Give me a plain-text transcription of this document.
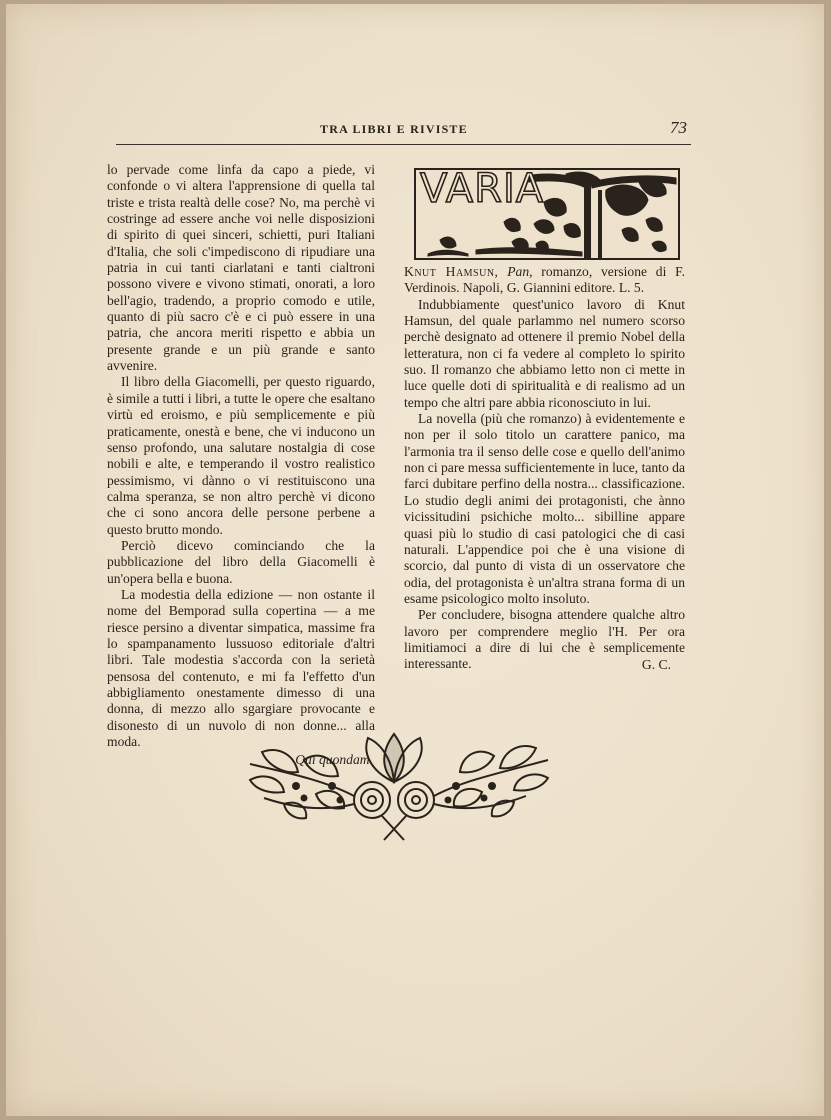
TRA LIBRI E RIVISTE	73

lo pervade come linfa da capo a piede, vi confonde o vi altera l'apprensione di quella tal triste e trista realtà delle cose? No, ma perchè vi costringe ad essere anche voi nelle disposizioni di spirito di quei sinceri, schietti, puri Italiani d'Italia, che soli c'impediscono di ripudiare una patria in cui tanti ciarlatani e tanti cialtroni possono vivere e vivono stimati, onorati, a loro bell'agio, tradendo, a proprio comodo e utile, quanto di più sacro c'è e ci può essere in una patria, che ancora meriti rispetto e abbia un presente grande e un più grande e santo avvenire.

Il libro della Giacomelli, per questo riguardo, è simile a tutti i libri, a tutte le opere che esaltano virtù ed eroismo, e più semplicemente e più praticamente, onestà e bene, che vi inducono un senso profondo, una salutare nostalgia di cose nobili e alte, e temperando il vostro realistico pessimismo, vi dànno o vi restituiscono una calma speranza, se non altro perchè vi dicono che ci sono ancora delle persone perbene a questo brutto mondo.

Perciò dicevo cominciando che la pubblicazione del libro della Giacomelli è un'opera bella e buona.

La modestia della edizione — non ostante il nome del Bemporad sulla copertina — a me riesce persino a diventar simpatica, massime fra lo spampanamento lussuoso editoriale d'altri libri. Tale modestia s'accorda con la serietà pensosa del contenuto, e mi fa l'effetto d'un abbigliamento onestamente dimesso di una donna, di mezzo allo sgargiare provocante e disonesto di un nuvolo di non donne... alla moda.

Qui quondam.

VARIA

Knut Hamsun, Pan, romanzo, versione di F. Verdinois. Napoli, G. Giannini editore. L. 5.

Indubbiamente quest'unico lavoro di Knut Hamsun, del quale parlammo nel numero scorso perchè designato ad ottenere il premio Nobel della letteratura, non ci fa vedere al completo lo spirito suo. Il romanzo che abbiamo letto non ci mette in luce quelle doti di spiritualità e di realismo ad un tempo che altri pare abbia riconosciuto in lui.

La novella (più che romanzo) à evidentemente e non per il solo titolo un carattere panico, ma l'armonia tra il senso delle cose e quello dell'animo non ci pare messa sufficientemente in luce, tanto da farci dubitare perfino della nostra... classificazione. Lo studio degli animi dei protagonisti, che ànno vicissitudini psichiche molto... sibilline appare quasi più lo studio di casi patologici che di casi naturali. L'appendice poi che è una visione di scorcio, dal punto di vista di un osservatore che odia, del protagonista è un'altra strana forma di un esame psicologico molto insoluto.

Per concludere, bisogna attendere qualche altro lavoro per comprendere meglio l'H. Per ora limitiamoci a dire di lui che è semplicemente interessante.	G. C.
